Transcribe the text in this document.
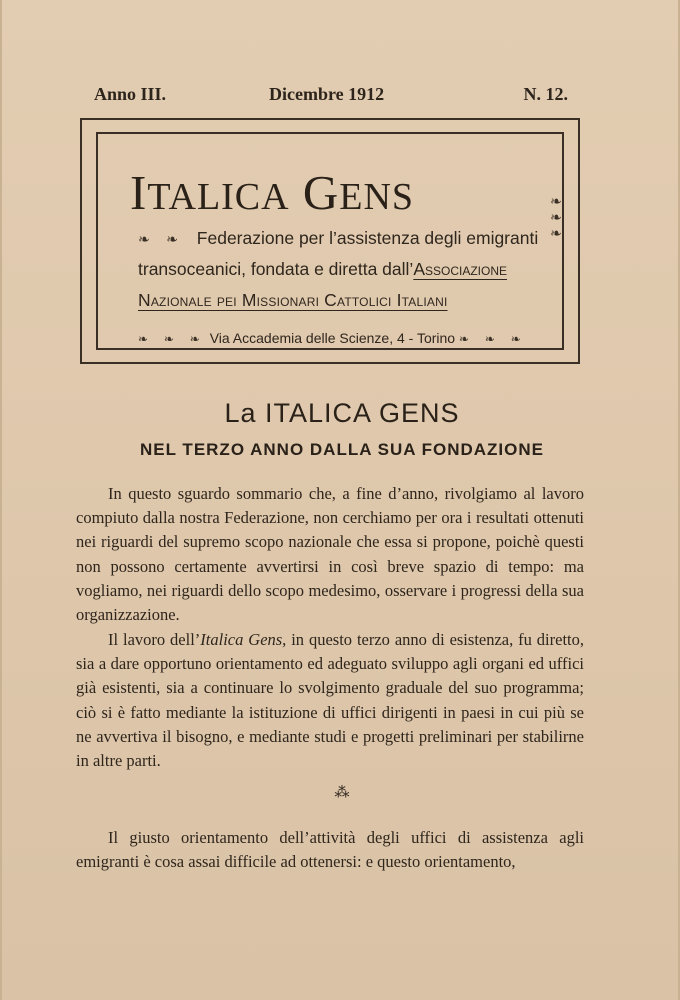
Anno III.	Dicembre 1912	N. 12.
ITALICA GENS	❧ ❧ ❧
❧ ❧ Federazione per l’assistenza degli emigranti
transoceanici, fondata e diretta dall’Associazione
Nazionale pei Missionari Cattolici Italiani
❧ ❧ ❧ Via Accademia delle Scienze, 4 - Torino ❧ ❧ ❧
La ITALICA GENS
NEL TERZO ANNO DALLA SUA FONDAZIONE

In questo sguardo sommario che, a fine d’anno, rivolgiamo al lavoro compiuto dalla nostra Federazione, non cerchiamo per ora i resultati ottenuti nei riguardi del supremo scopo nazionale che essa si propone, poichè questi non possono certamente avvertirsi in così breve spazio di tempo: ma vogliamo, nei riguardi dello scopo medesimo, osservare i progressi della sua organizzazione.

Il lavoro dell’Italica Gens, in questo terzo anno di esistenza, fu diretto, sia a dare opportuno orientamento ed adeguato sviluppo agli organi ed uffici già esistenti, sia a continuare lo svolgimento graduale del suo programma; ciò si è fatto mediante la istituzione di uffici dirigenti in paesi in cui più se ne avvertiva il bisogno, e mediante studi e progetti preliminari per stabilirne in altre parti.

⁂

Il giusto orientamento dell’attività degli uffici di assistenza agli emigranti è cosa assai difficile ad ottenersi: e questo orientamento,
